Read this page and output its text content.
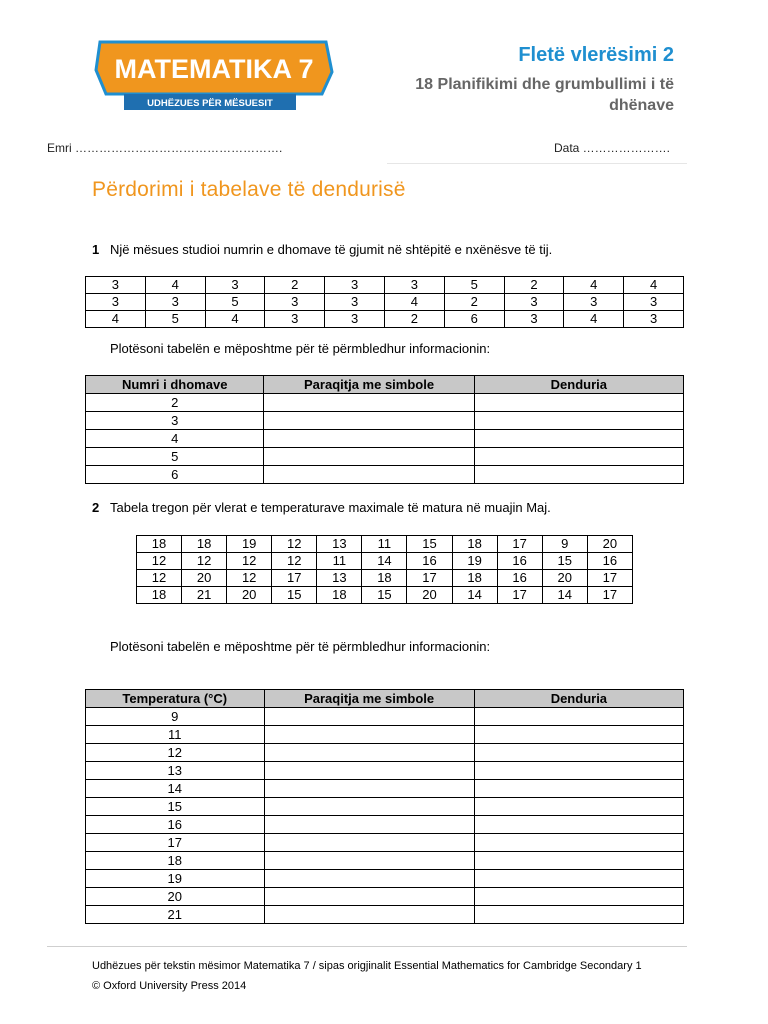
MATEMATIKA 7
UDHËZUES PËR MËSUESIT
Fletë vlerësimi 2
18 Planifikimi dhe grumbullimi i të dhënave
Emri …………………………………………….	Data ………………….
Përdorimi i tabelave të dendurisë
1 Një mësues studioi numrin e dhomave të gjumit në shtëpitë e nxënësve të tij.
3	4	3	2	3	3	5	2	4	4
3	3	5	3	3	4	2	3	3	3
4	5	4	3	3	2	6	3	4	3
Plotësoni tabelën e mëposhtme për të përmbledhur informacionin:
Numri i dhomave	Paraqitja me simbole	Denduria
2		
3		
4		
5		
6		
2 Tabela tregon për vlerat e temperaturave maximale të matura në muajin Maj.
18	18	19	12	13	11	15	18	17	9	20
12	12	12	12	11	14	16	19	16	15	16
12	20	12	17	13	18	17	18	16	20	17
18	21	20	15	18	15	20	14	17	14	17
Plotësoni tabelën e mëposhtme për të përmbledhur informacionin:
Temperatura (°C)	Paraqitja me simbole	Denduria
9		
11		
12		
13		
14		
15		
16		
17		
18		
19		
20		
21		
Udhëzues për tekstin mësimor Matematika 7 / sipas origjinalit Essential Mathematics for Cambridge Secondary 1
© Oxford University Press 2014
